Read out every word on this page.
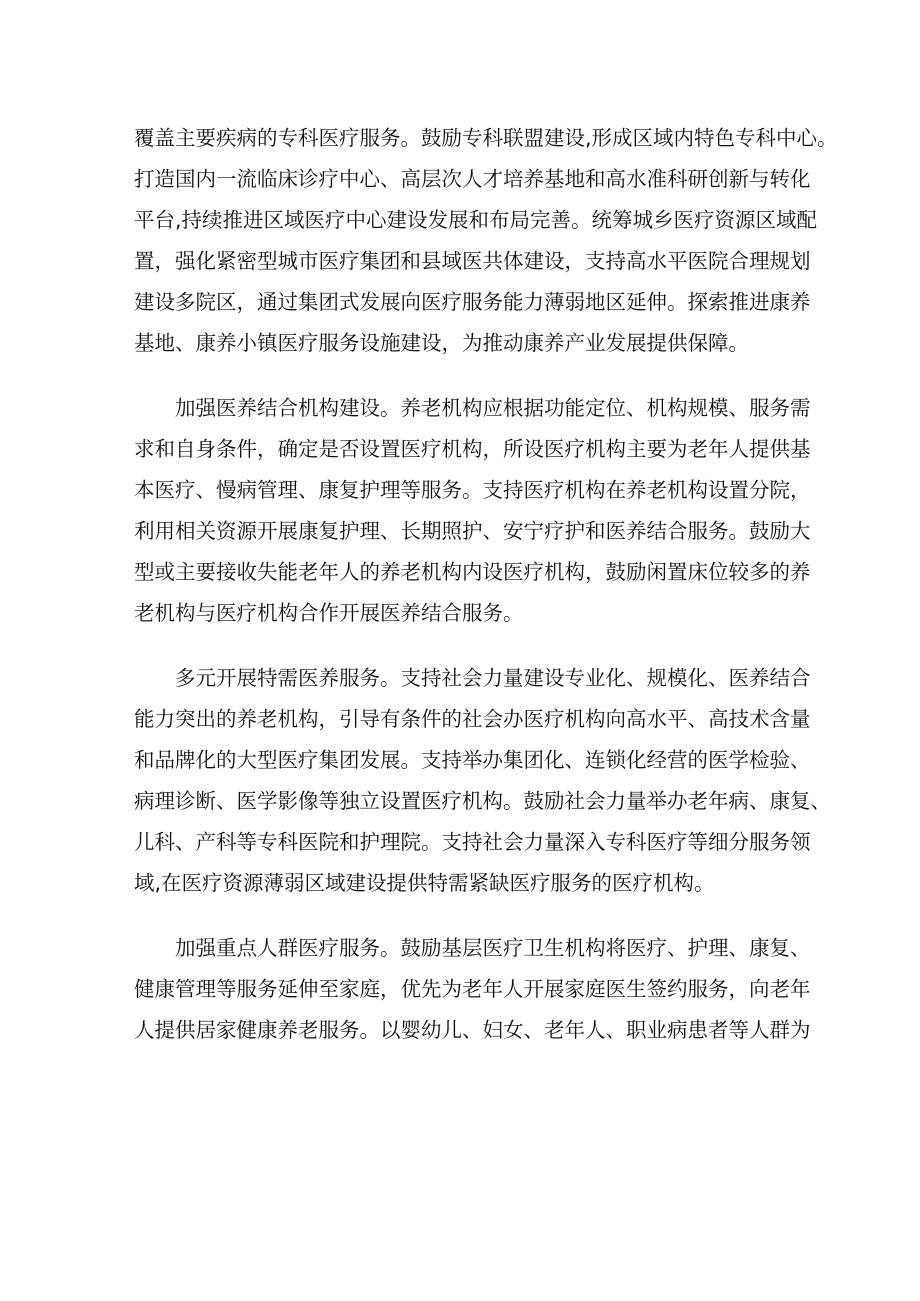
覆盖主要疾病的专科医疗服务。鼓励专科联盟建设,形成区域内特色专科中心。
打造国内一流临床诊疗中心、高层次人才培养基地和高水准科研创新与转化
平台,持续推进区域医疗中心建设发展和布局完善。统筹城乡医疗资源区域配
置，强化紧密型城市医疗集团和县域医共体建设，支持高水平医院合理规划
建设多院区，通过集团式发展向医疗服务能力薄弱地区延伸。探索推进康养
基地、康养小镇医疗服务设施建设，为推动康养产业发展提供保障。
加强医养结合机构建设。养老机构应根据功能定位、机构规模、服务需
求和自身条件，确定是否设置医疗机构，所设医疗机构主要为老年人提供基
本医疗、慢病管理、康复护理等服务。支持医疗机构在养老机构设置分院，
利用相关资源开展康复护理、长期照护、安宁疗护和医养结合服务。鼓励大
型或主要接收失能老年人的养老机构内设医疗机构，鼓励闲置床位较多的养
老机构与医疗机构合作开展医养结合服务。
多元开展特需医养服务。支持社会力量建设专业化、规模化、医养结合
能力突出的养老机构，引导有条件的社会办医疗机构向高水平、高技术含量
和品牌化的大型医疗集团发展。支持举办集团化、连锁化经营的医学检验、
病理诊断、医学影像等独立设置医疗机构。鼓励社会力量举办老年病、康复、
儿科、产科等专科医院和护理院。支持社会力量深入专科医疗等细分服务领
域,在医疗资源薄弱区域建设提供特需紧缺医疗服务的医疗机构。
加强重点人群医疗服务。鼓励基层医疗卫生机构将医疗、护理、康复、
健康管理等服务延伸至家庭，优先为老年人开展家庭医生签约服务，向老年
人提供居家健康养老服务。以婴幼儿、妇女、老年人、职业病患者等人群为
